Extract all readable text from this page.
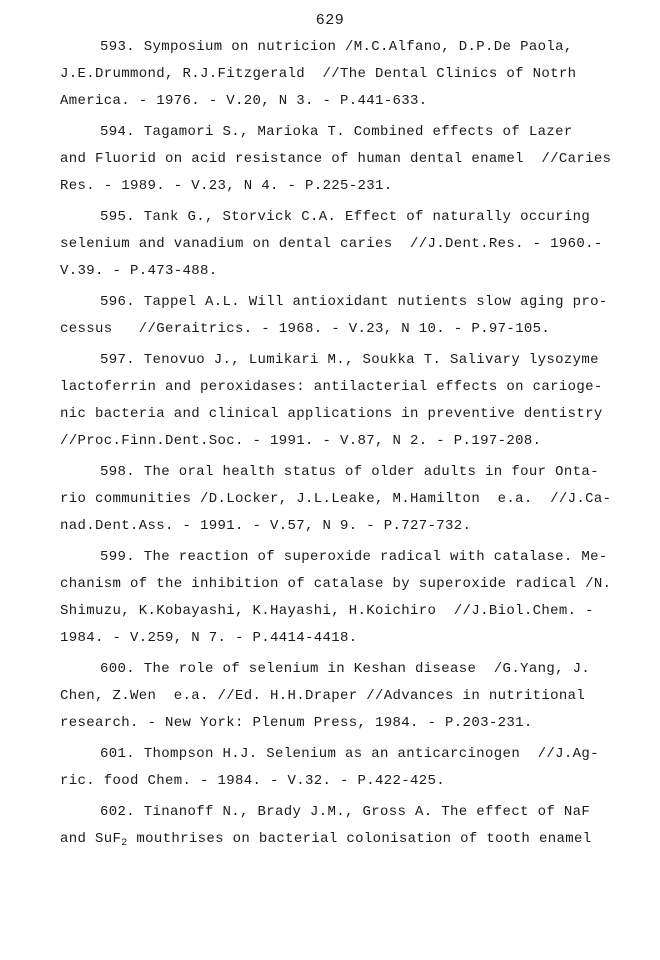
629
593. Symposium on nutricion /M.C.Alfano, D.P.De Paola,
J.E.Drummond, R.J.Fitzgerald  //The Dental Clinics of Notrh
America. - 1976. - V.20, N 3. - P.441-633.
594. Tagamori S., Marioka T. Combined effects of Lazer
and Fluorid on acid resistance of human dental enamel  //Caries
Res. - 1989. - V.23, N 4. - P.225-231.
595. Tank G., Storvick C.A. Effect of naturally occuring
selenium and vanadium on dental caries  //J.Dent.Res. - 1960.-
V.39. - P.473-488.
596. Tappel A.L. Will antioxidant nutients slow aging pro-
cessus   //Geraitrics. - 1968. - V.23, N 10. - P.97-105.
597. Tenovuo J., Lumikari M., Soukka T. Salivary lysozyme
lactoferrin and peroxidases: antilacterial effects on carioge-
nic bacteria and clinical applications in preventive dentistry
//Proc.Finn.Dent.Soc. - 1991. - V.87, N 2. - P.197-208.
598. The oral health status of older adults in four Onta-
rio communities /D.Locker, J.L.Leake, M.Hamilton  e.a.  //J.Ca-
nad.Dent.Ass. - 1991. - V.57, N 9. - P.727-732.
599. The reaction of superoxide radical with catalase. Me-
chanism of the inhibition of catalase by superoxide radical /N.
Shimuzu, K.Kobayashi, K.Hayashi, H.Koichiro  //J.Biol.Chem. -
1984. - V.259, N 7. - P.4414-4418.
600. The role of selenium in Keshan disease  /G.Yang, J.
Chen, Z.Wen  e.a. //Ed. H.H.Draper //Advances in nutritional
research. - New York: Plenum Press, 1984. - P.203-231.
601. Thompson H.J. Selenium as an anticarcinogen  //J.Ag-
ric. food Chem. - 1984. - V.32. - P.422-425.
602. Tinanoff N., Brady J.M., Gross A. The effect of NaF
and SuF$_2$ mouthrises on bacterial colonisation of tooth enamel
